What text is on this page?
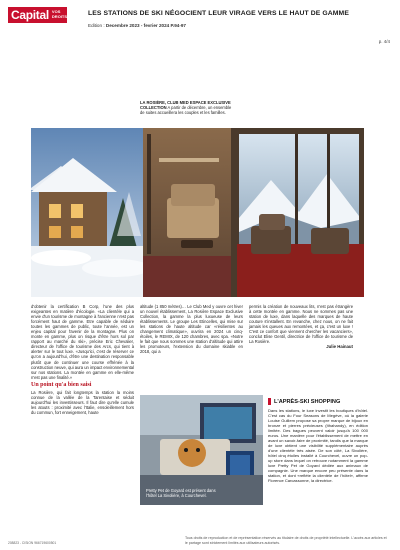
Capital VOS DROITS	LES STATIONS DE SKI NÉGOCIENT LEUR VIRAGE VERS LE HAUT DE GAMME
Edition : Decembre 2023 - fevrier 2024 P.94-97
p. 4/4
LA ROSIÈRE, CLUB MED ESPACE EXCLUSIVE COLLECTION A partir de décembre, un ensemble de suites accueillera les couples et les familles.

d'obtenir la certification B Corp, l'une des plus exigeantes en matière d'écologie. «La clientèle qui a envie d'un tourisme de montagne à l'ancienne n'est pas forcément haut de gamme. Etre capable de séduire toutes les gammes de public, toute l'année, est un enjeu capital pour l'avenir de la montagne. Plus on monte en gamme, plus on risque d'être hors sol par rapport au marché du ski», précise Eric Chevalier, directeur de l'office de tourisme des Arcs, qui tient à alerter sur le tout luxe. «Jusqu'ici, c'est de réserver ce qu'on a aujourd'hui, d'être une destination responsable plutôt que de continuer une course effrénée à la construction neuve, qui aura un impact environnemental sur nos stations. La montée en gamme en elle-même n'est pas une finalité.»

Un point qu'a bien saisi

La Rosière, qui fait longtemps la station la moins connue de la vallée de la Tarentaise et séduit aujourd'hui les investisseurs. Il faut dire qu'elle cumule les atouts : proximité avec l'Italie, ensoleillement hors du commun, fort enneigement, haute

altitude (1 850 mètres)… Le Club Med y ouvre cet hiver un nouvel établissement, La Rosière Espace Exclusive Collection, la gamme la plus luxueuse de leurs établissements. Le groupe Les Etincelles, qui mise sur les stations de haute altitude car «résilientes au changement climatique», ouvrira en 2024 un cinq-étoiles, le REMIX, de 120 chambres, avec spa. «Notre le fait que nous sommes une station d'altitude qui attire les promoteurs, l'extension du domaine skiable en 2018, qui a

permis la création de nouveaux lits, n'est pas étrangère à cette montée en gamme. Nous ne sommes pas une station de luxe, dans laquelle des marques de haute couture s'installent. En revanche, chez nous, on ne fait jamais les queues aux remontées, et ça, c'est un luxe ! C'est ce confort que viennent chercher les vacanciers», conclut Elise Gentil, directrice de l'office de tourisme de La Rosière.

Julie Hainaut

Pretty Pet de Goyard est présent dans l'hôtel La Sivolière, à Courchevel.
L'APRÈS-SKI SHOPPING
Dans les stations, le luxe investit les boutiques d'hôtel. C'est cas du Four Seasons de Megève, où la galerie Louise Guillem propose sa propre marque de bijoux en bronze et pierres précieuses (Ithahandy), en édition limitée. Des bagues peuvent valoir jusqu'à 100 000 euros. Une manière pour l'établissement de mettre en avant un savoir-faire de proximité, tandis que la marque de luxe obtient une visibilité supplémentaire auprès d'une clientèle très aisée. De son côté, La Sivolière, hôtel cinq étoiles installé à Courchevel, ouvre un pop-up store dans lequel on retrouve notamment la gamme luxe Pretty Pet de Goyard dédiée aux animaux de compagnie. Une marque encore peu présente dans la station, et dont «reflète la clientèle de l'hôtel», affirme Florence Carcassonne, la directrice.
208823 - CISION 966719600501
Tous droits de reproduction et de représentation réservés au titulaire de droits de propriété intellectuelle. L'accès aux articles et le partage sont strictement limités aux utilisateurs autorisés.
